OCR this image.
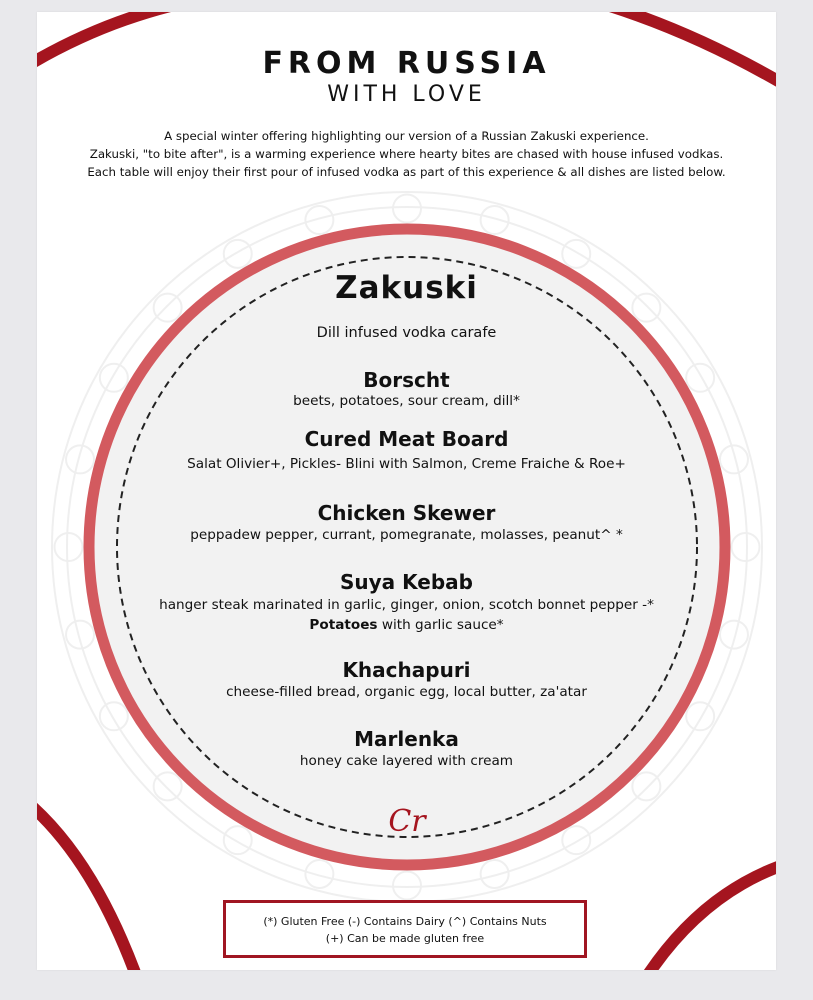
FROM RUSSIA
WITH LOVE
A special winter offering highlighting our version of a Russian Zakuski experience.
Zakuski, "to bite after", is a warming experience where hearty bites are chased with house infused vodkas.
Each table will enjoy their first pour of infused vodka as part of this experience & all dishes are listed below.
Zakuski
Dill infused vodka carafe
Borscht
beets, potatoes, sour cream, dill*
Cured Meat Board
Salat Olivier+, Pickles- Blini with Salmon, Creme Fraiche & Roe+
Chicken Skewer
peppadew pepper, currant, pomegranate, molasses, peanut^ *
Suya Kebab
hanger steak marinated in garlic, ginger, onion, scotch bonnet pepper -*
Potatoes with garlic sauce*
Khachapuri
cheese-filled bread, organic egg, local butter, za'atar
Marlenka
honey cake layered with cream
Cr
(*) Gluten Free (-) Contains Dairy (^) Contains Nuts
(+) Can be made gluten free
